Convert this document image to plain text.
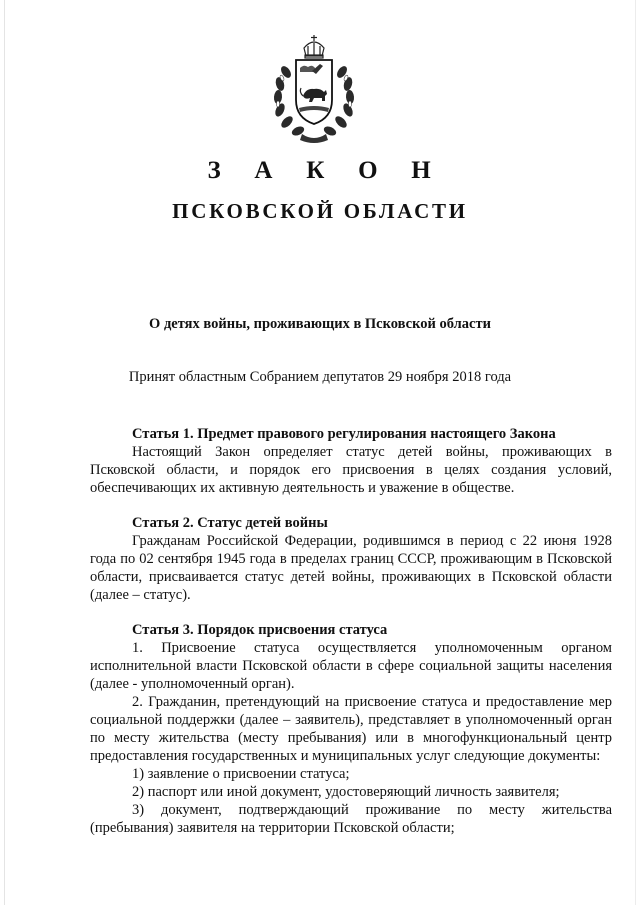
З А К О Н
ПСКОВСКОЙ ОБЛАСТИ

О детях войны, проживающих в Псковской области

Принят областным Собранием депутатов 29 ноября 2018 года

Статья 1. Предмет правового регулирования настоящего Закона

Настоящий Закон определяет статус детей войны, проживающих в Псковской области, и порядок его присвоения в целях создания условий, обеспечивающих их активную деятельность и уважение в обществе.

Статья 2. Статус детей войны

Гражданам Российской Федерации, родившимся в период с 22 июня 1928 года по 02 сентября 1945 года в пределах границ СССР, проживающим в Псковской области, присваивается статус детей войны, проживающих в Псковской области (далее – статус).

Статья 3. Порядок присвоения статуса

1. Присвоение статуса осуществляется уполномоченным органом исполнительной власти Псковской области в сфере социальной защиты населения (далее - уполномоченный орган).

2. Гражданин, претендующий на присвоение статуса и предоставление мер социальной поддержки (далее – заявитель), представляет в уполномоченный орган по месту жительства (месту пребывания) или в многофункциональный центр предоставления государственных и муниципальных услуг следующие документы:

1) заявление о присвоении статуса;

2) паспорт или иной документ, удостоверяющий личность заявителя;

3) документ, подтверждающий проживание по месту жительства (пребывания) заявителя на территории Псковской области;
